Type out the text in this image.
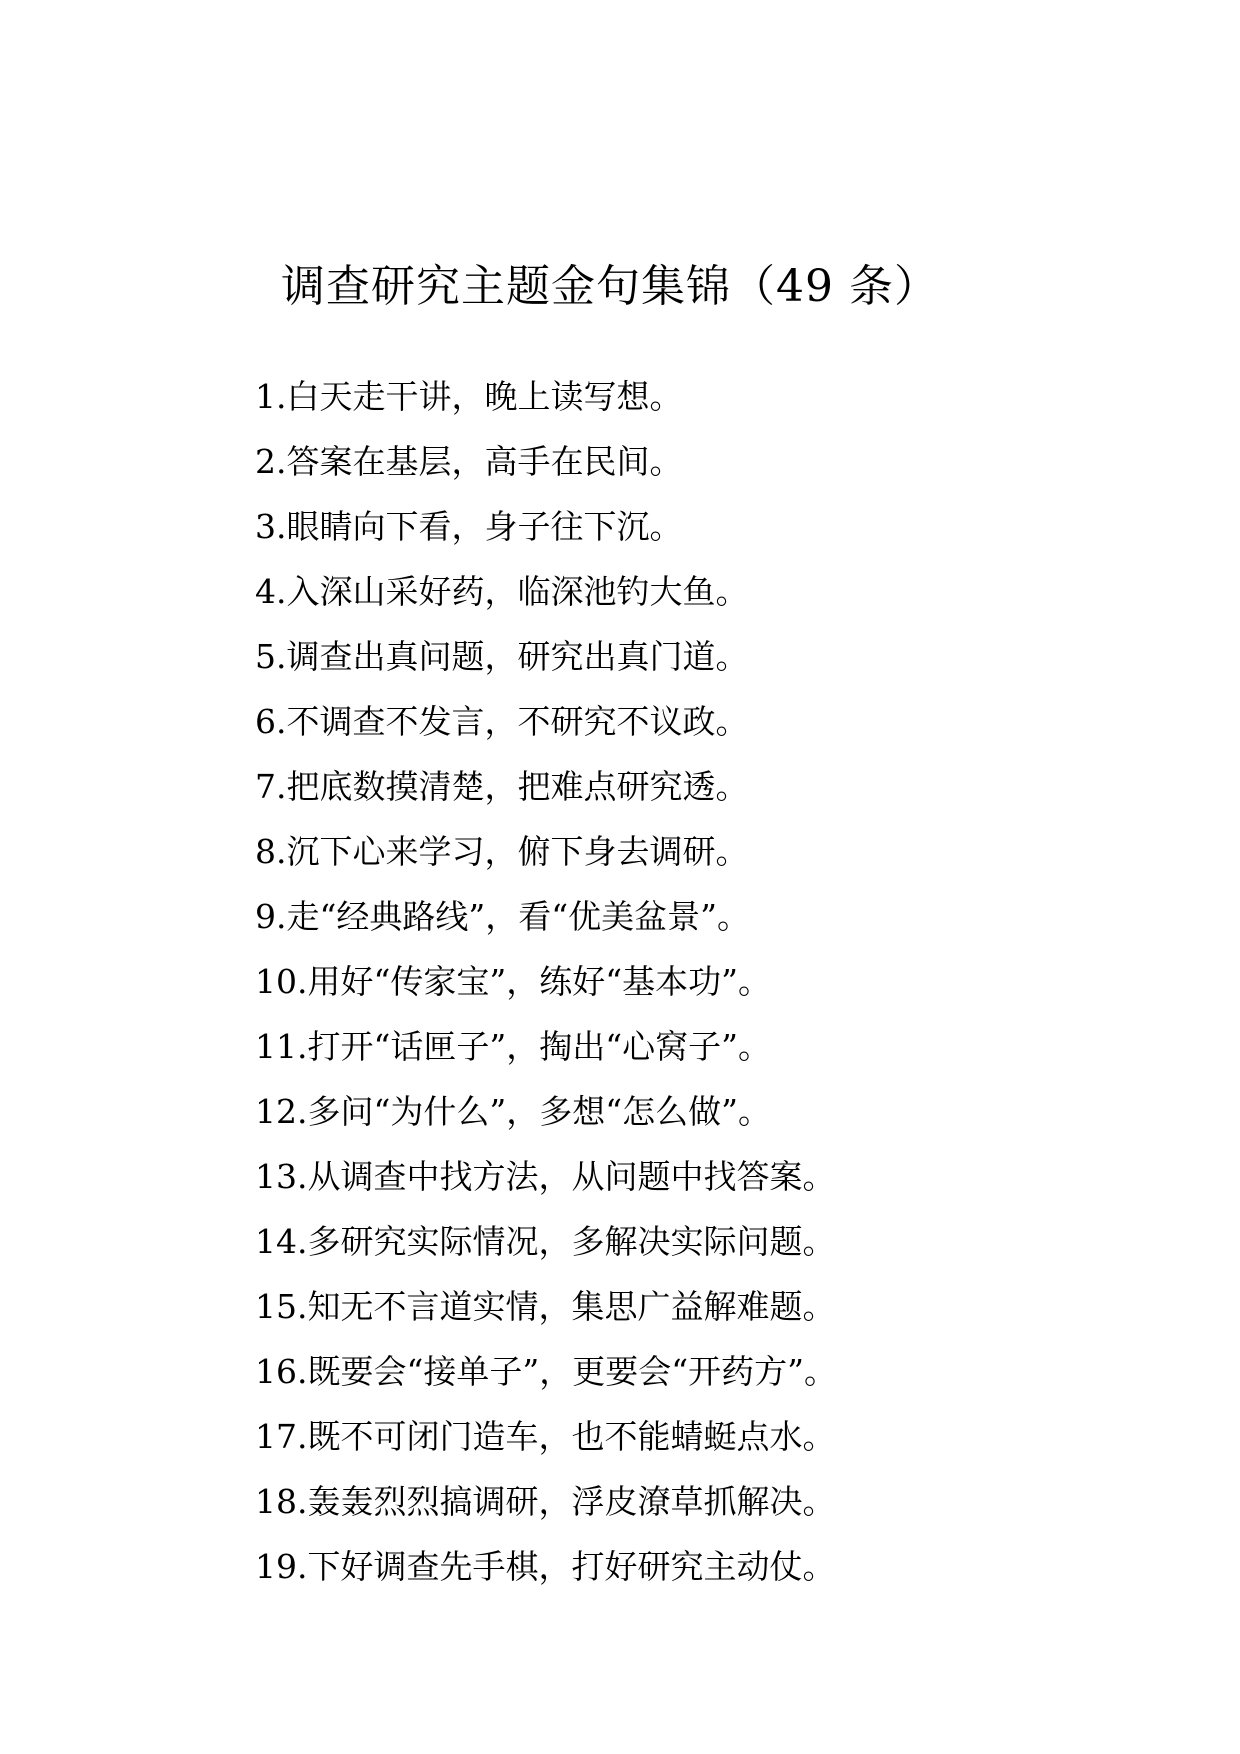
调查研究主题金句集锦（49 条）
1.白天走干讲，晚上读写想。
2.答案在基层，高手在民间。
3.眼睛向下看，身子往下沉。
4.入深山采好药，临深池钓大鱼。
5.调查出真问题，研究出真门道。
6.不调查不发言，不研究不议政。
7.把底数摸清楚，把难点研究透。
8.沉下心来学习，俯下身去调研。
9.走“经典路线”，看“优美盆景”。
10.用好“传家宝”，练好“基本功”。
11.打开“话匣子”，掏出“心窝子”。
12.多问“为什么”，多想“怎么做”。
13.从调查中找方法，从问题中找答案。
14.多研究实际情况，多解决实际问题。
15.知无不言道实情，集思广益解难题。
16.既要会“接单子”，更要会“开药方”。
17.既不可闭门造车，也不能蜻蜓点水。
18.轰轰烈烈搞调研，浮皮潦草抓解决。
19.下好调查先手棋，打好研究主动仗。
